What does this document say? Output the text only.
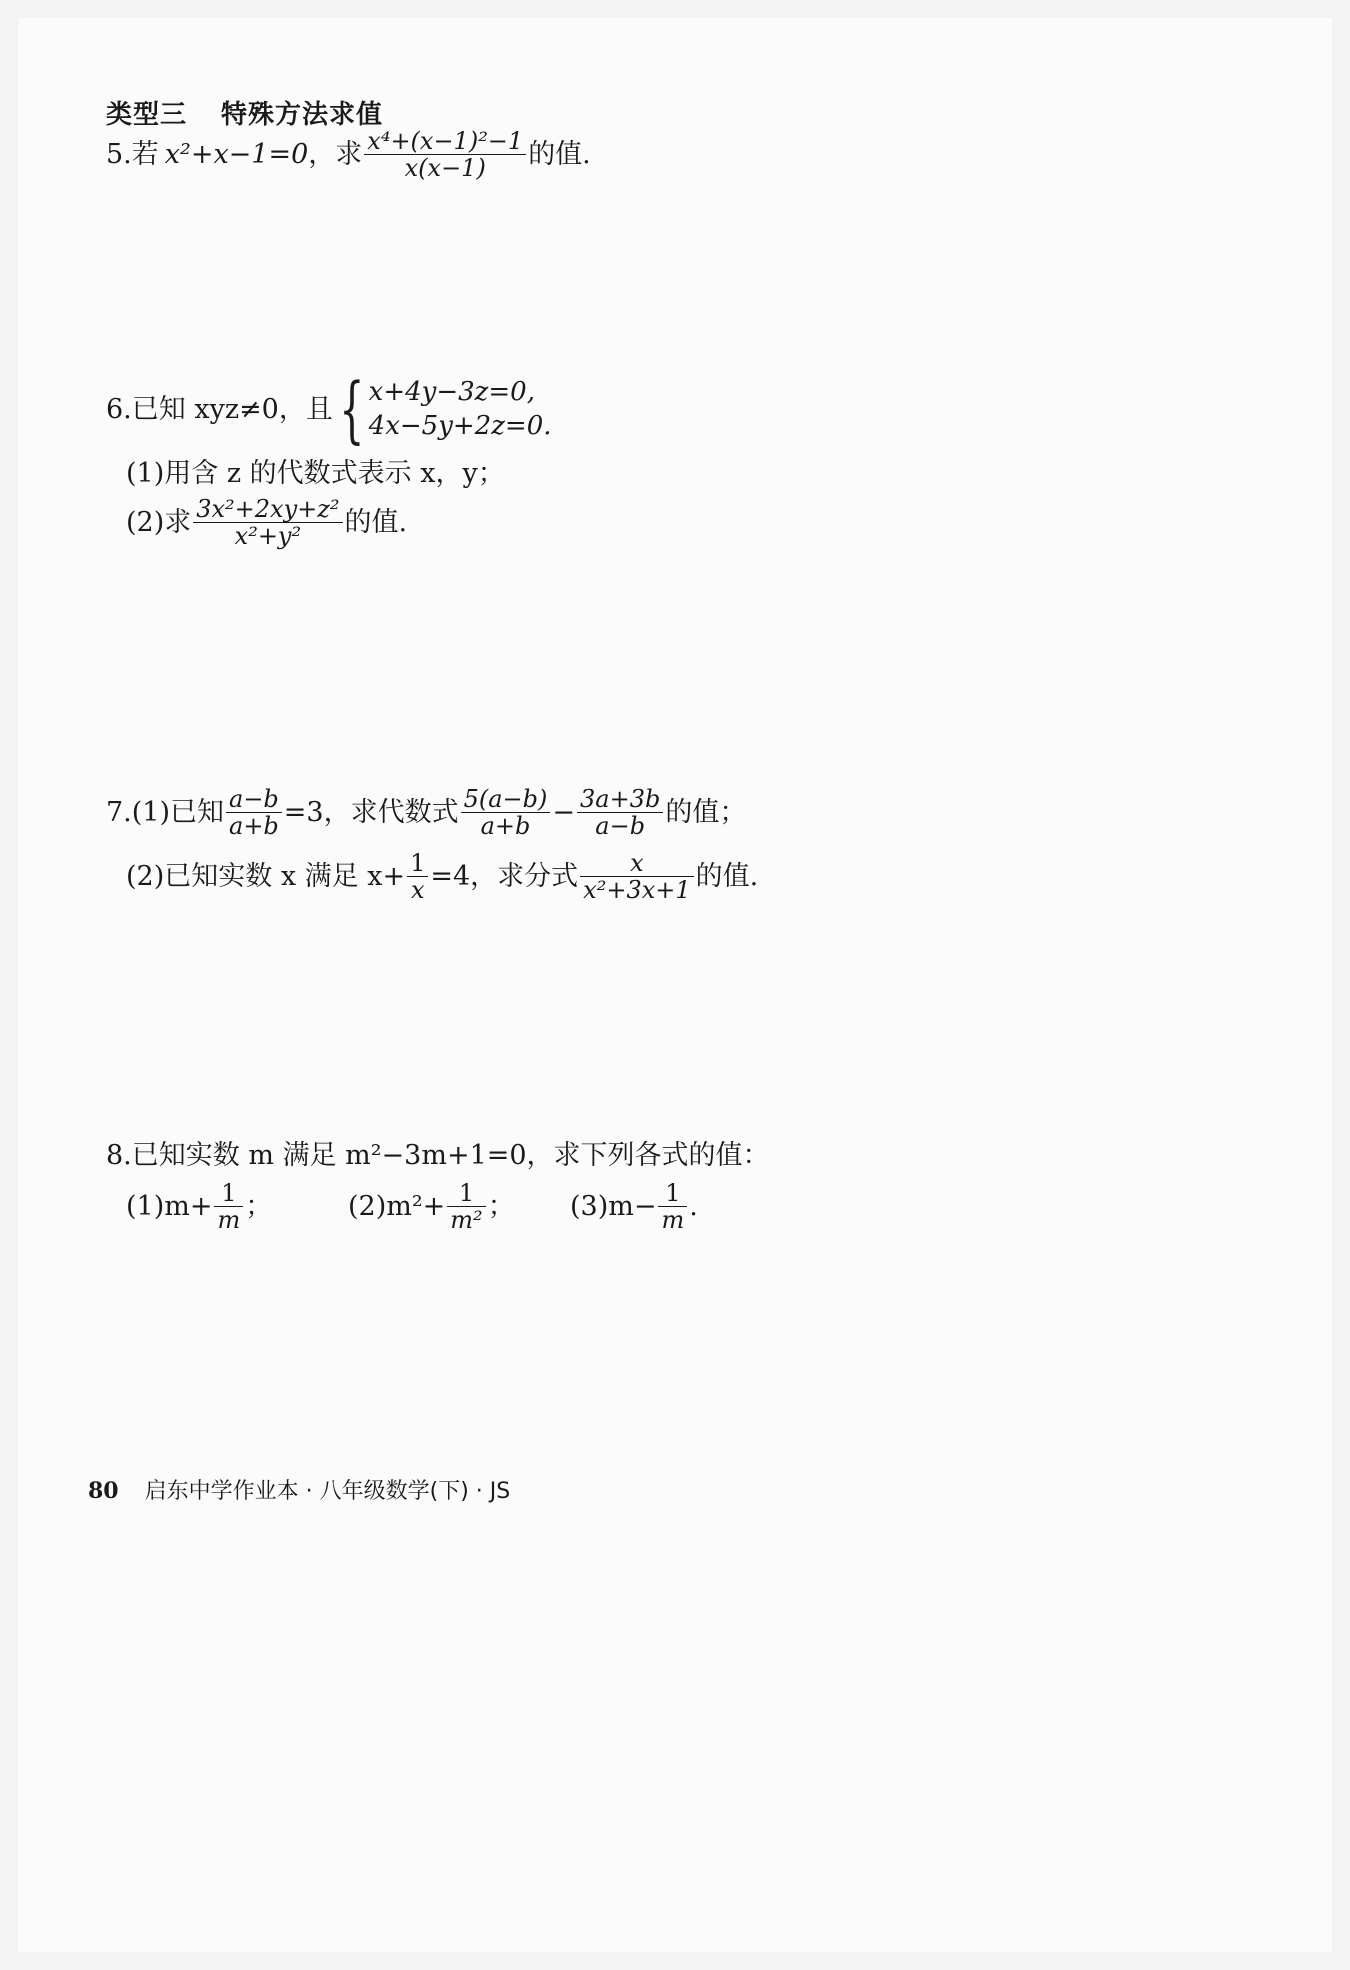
类型三 特殊方法求值
5. 若 x²+x−1=0 ，求 $\frac{\text{x⁴+(x−1)²−1}}{x(x-1)}$ 的值.
6. 已知 xyz≠0，且 { x+4y−3z=0,
4x−5y+2z=0.
(1)用含 z 的代数式表示 x，y；
(2)求 $\frac{\text{3x²+2xy+z²}}{\text{x²+y²}}$ 的值.
7. (1)已知 $\frac{a-b}{a+b} =3$，求代数式 $\frac{5(a-b)}{a+b} - \frac{3a+3b}{a-b}$ 的值；
(2)已知实数 x 满足 $x+ \frac{1}{x} =4$，求分式 $\frac{x}{\text{x²+3x+1}}$ 的值.
8. 已知实数 m 满足 m²−3m+1=0，求下列各式的值：
$(1)m+ \frac{1}{m}$ ；	$(2)m^2+ \frac{1}{\text{m²}}$ ； $(3)m- \frac{1}{m}$ .
80 启东中学作业本 · 八年级数学(下) · JS
